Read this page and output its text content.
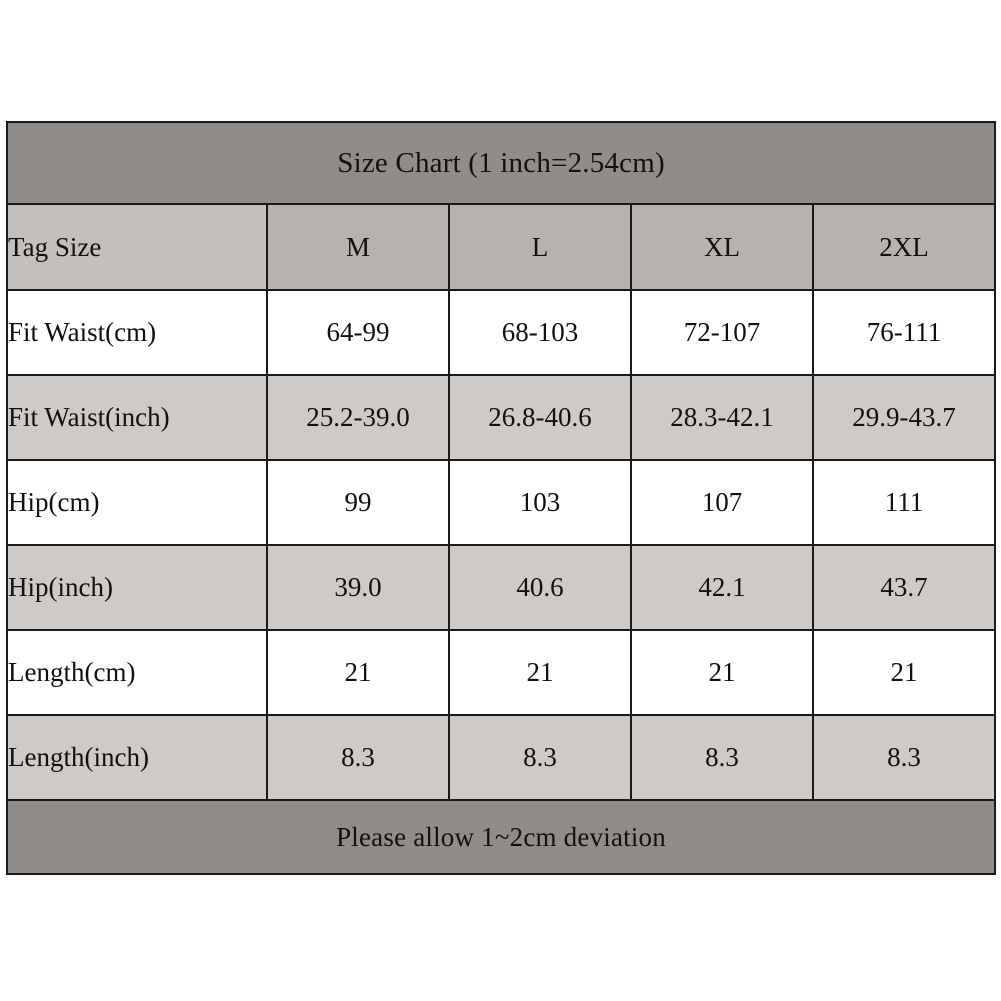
Size Chart (1 inch=2.54cm)				
Tag Size	M	L	XL	2XL
Fit Waist(cm)	64-99	68-103	72-107	76-111
Fit Waist(inch)	25.2-39.0	26.8-40.6	28.3-42.1	29.9-43.7
Hip(cm)	99	103	107	111
Hip(inch)	39.0	40.6	42.1	43.7
Length(cm)	21	21	21	21
Length(inch)	8.3	8.3	8.3	8.3
Please allow 1~2cm deviation				
